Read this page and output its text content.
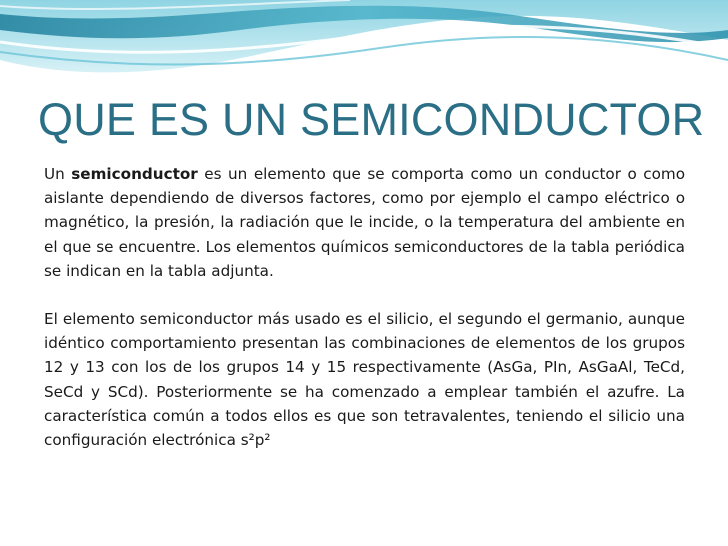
QUE ES UN SEMICONDUCTOR

Un semiconductor es un elemento que se comporta como un conductor o como aislante dependiendo de diversos factores, como por ejemplo el campo eléctrico o magnético, la presión, la radiación que le incide, o la temperatura del ambiente en el que se encuentre. Los elementos químicos semiconductores de la tabla periódica se indican en la tabla adjunta.

El elemento semiconductor más usado es el silicio, el segundo el germanio, aunque idéntico comportamiento presentan las combinaciones de elementos de los grupos 12 y 13 con los de los grupos 14 y 15 respectivamente (AsGa, PIn, AsGaAl, TeCd, SeCd y SCd). Posteriormente se ha comenzado a emplear también el azufre. La característica común a todos ellos es que son tetravalentes, teniendo el silicio una configuración electrónica s²p²
